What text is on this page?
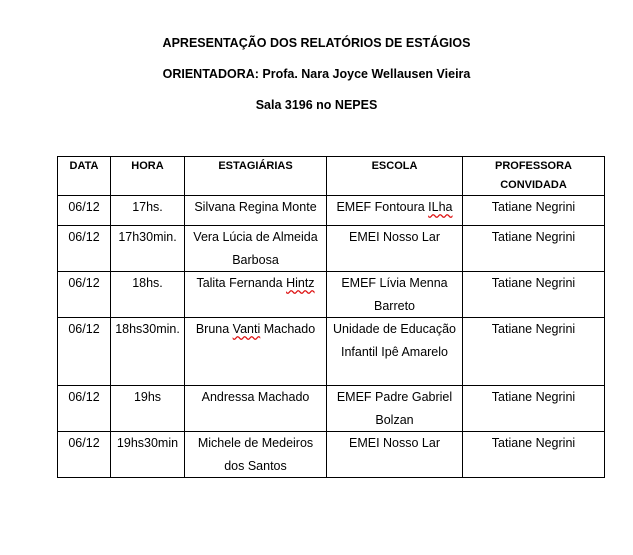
APRESENTAÇÃO DOS RELATÓRIOS DE ESTÁGIOS
ORIENTADORA: Profa. Nara Joyce Wellausen Vieira
Sala 3196 no NEPES
DATA	HORA	ESTAGIÁRIAS	ESCOLA	PROFESSORA CONVIDADA
06/12	17hs.	Silvana Regina Monte	EMEF Fontoura ILha	Tatiane Negrini
06/12	17h30min.	Vera Lúcia de Almeida Barbosa	EMEI Nosso Lar	Tatiane Negrini
06/12	18hs.	Talita Fernanda Hintz	EMEF Lívia Menna Barreto	Tatiane Negrini
06/12	18hs30min.	Bruna Vanti Machado	Unidade de Educação Infantil Ipê Amarelo	Tatiane Negrini
06/12	19hs	Andressa Machado	EMEF Padre Gabriel Bolzan	Tatiane Negrini
06/12	19hs30min	Michele de Medeiros dos Santos	EMEI Nosso Lar	Tatiane Negrini
